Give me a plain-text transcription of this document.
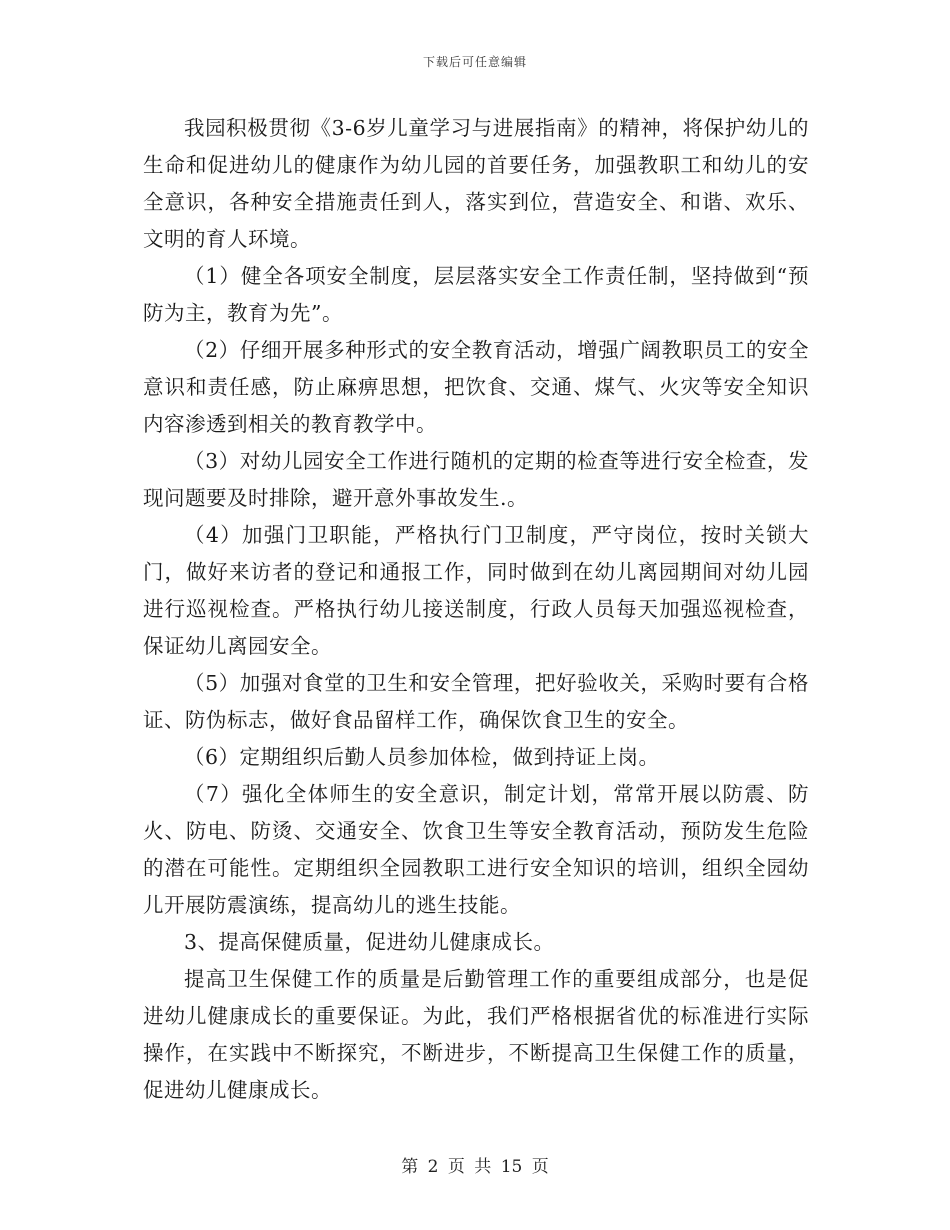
下载后可任意编辑

我园积极贯彻《3-6岁儿童学习与进展指南》的精神，将保护幼儿的生命和促进幼儿的健康作为幼儿园的首要任务，加强教职工和幼儿的安全意识，各种安全措施责任到人，落实到位，营造安全、和谐、欢乐、文明的育人环境。

（1）健全各项安全制度，层层落实安全工作责任制，坚持做到“预防为主，教育为先”。

（2）仔细开展多种形式的安全教育活动，增强广阔教职员工的安全意识和责任感，防止麻痹思想，把饮食、交通、煤气、火灾等安全知识内容渗透到相关的教育教学中。

（3）对幼儿园安全工作进行随机的定期的检查等进行安全检查，发现问题要及时排除，避开意外事故发生.。

（4）加强门卫职能，严格执行门卫制度，严守岗位，按时关锁大门，做好来访者的登记和通报工作，同时做到在幼儿离园期间对幼儿园进行巡视检查。严格执行幼儿接送制度，行政人员每天加强巡视检查，保证幼儿离园安全。

（5）加强对食堂的卫生和安全管理，把好验收关，采购时要有合格证、防伪标志，做好食品留样工作，确保饮食卫生的安全。

（6）定期组织后勤人员参加体检，做到持证上岗。

（7）强化全体师生的安全意识，制定计划，常常开展以防震、防火、防电、防烫、交通安全、饮食卫生等安全教育活动，预防发生危险的潜在可能性。定期组织全园教职工进行安全知识的培训，组织全园幼儿开展防震演练，提高幼儿的逃生技能。

3、提高保健质量，促进幼儿健康成长。

提高卫生保健工作的质量是后勤管理工作的重要组成部分，也是促进幼儿健康成长的重要保证。为此，我们严格根据省优的标准进行实际操作，在实践中不断探究，不断进步，不断提高卫生保健工作的质量，促进幼儿健康成长。

第 2 页 共 15 页
